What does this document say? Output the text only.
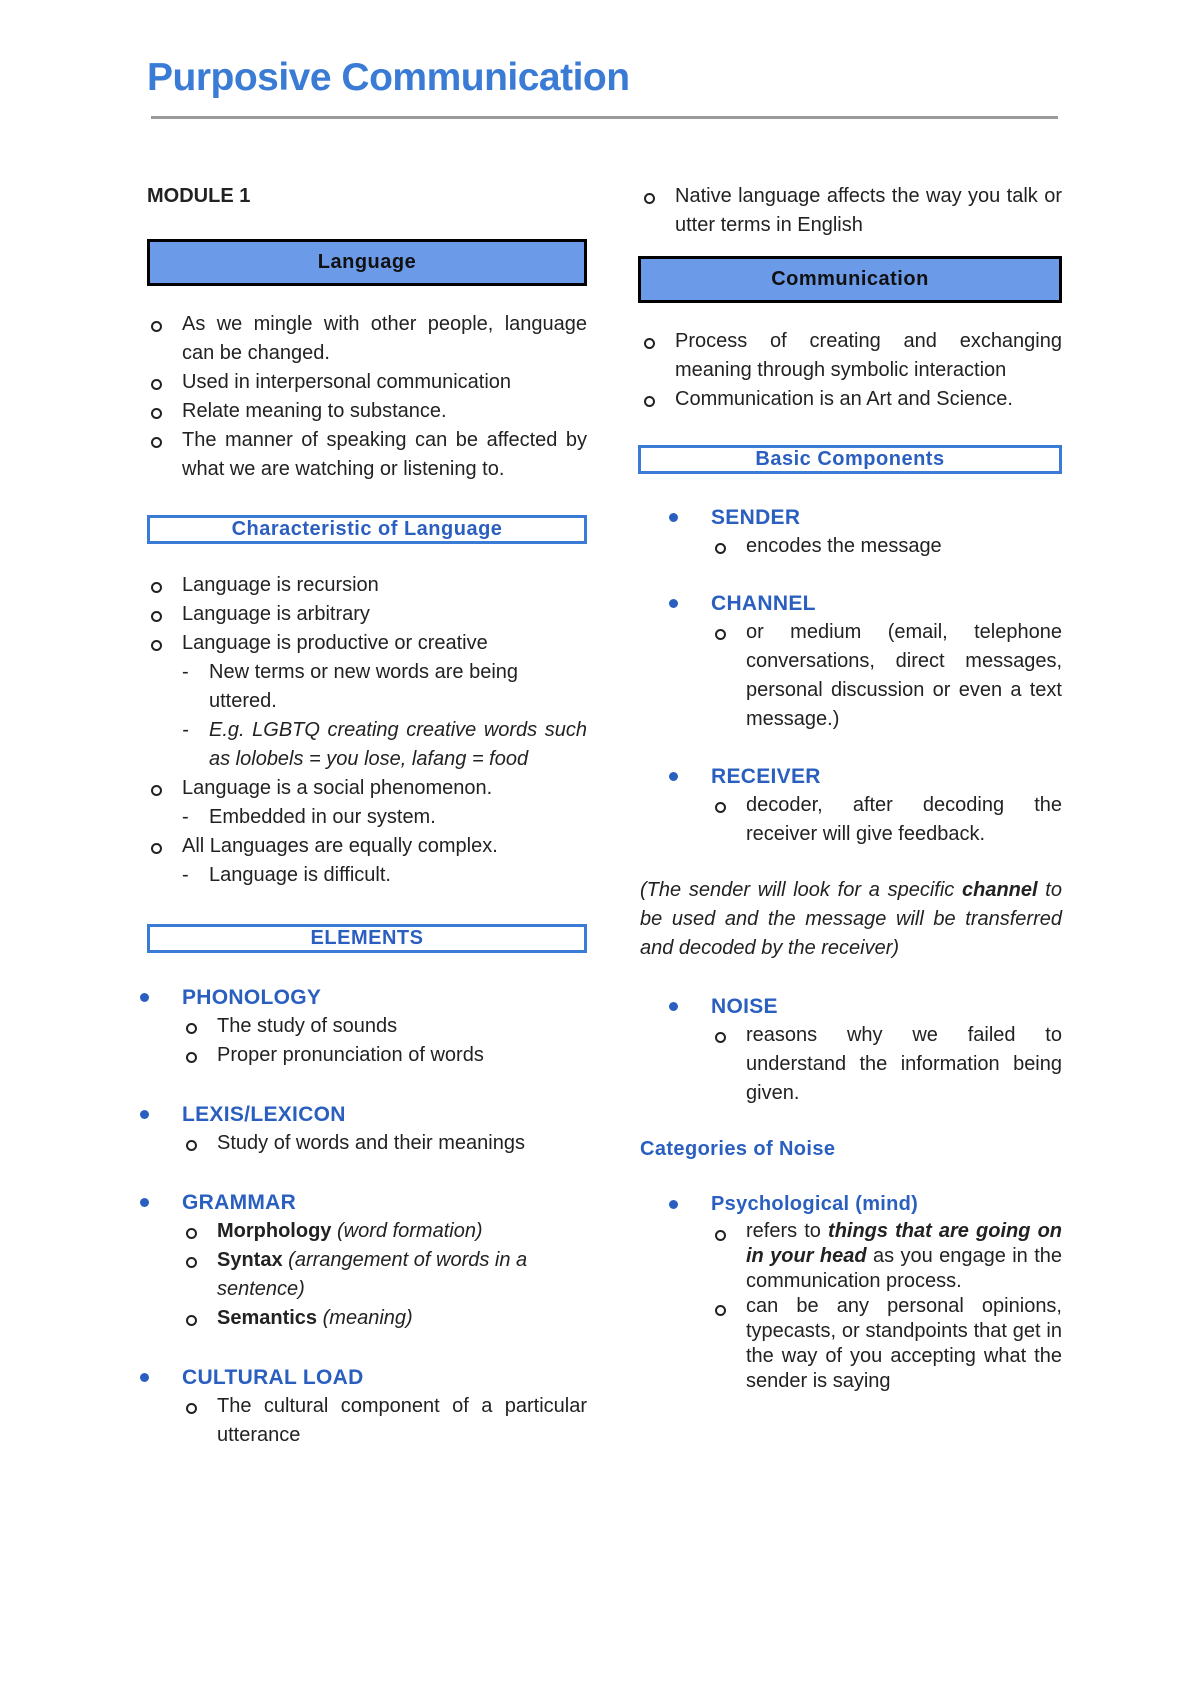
Purposive Communication
MODULE 1
Language
As we mingle with other people, language can be changed.
Used in interpersonal communication
Relate meaning to substance.
The manner of speaking can be affected by what we are watching or listening to.
Characteristic of Language
Language is recursion
Language is arbitrary
Language is productive or creative
- New terms or new words are being uttered.
- E.g. LGBTQ creating creative words such as lolobels = you lose, lafang = food
Language is a social phenomenon.
- Embedded in our system.
All Languages are equally complex.
- Language is difficult.
ELEMENTS
PHONOLOGY
The study of sounds
Proper pronunciation of words
LEXIS/LEXICON
Study of words and their meanings
GRAMMAR
Morphology (word formation)
Syntax (arrangement of words in a sentence)
Semantics (meaning)
CULTURAL LOAD
The cultural component of a particular utterance
Native language affects the way you talk or utter terms in English
Communication
Process of creating and exchanging meaning through symbolic interaction
Communication is an Art and Science.
Basic Components
SENDER
encodes the message
CHANNEL
or medium (email, telephone conversations, direct messages, personal discussion or even a text message.)
RECEIVER
decoder, after decoding the receiver will give feedback.

(The sender will look for a specific channel to be used and the message will be transferred and decoded by the receiver)

NOISE
reasons why we failed to understand the information being given.
Categories of Noise
Psychological (mind)
refers to things that are going on in your head as you engage in the communication process.
can be any personal opinions, typecasts, or standpoints that get in the way of you accepting what the sender is saying
